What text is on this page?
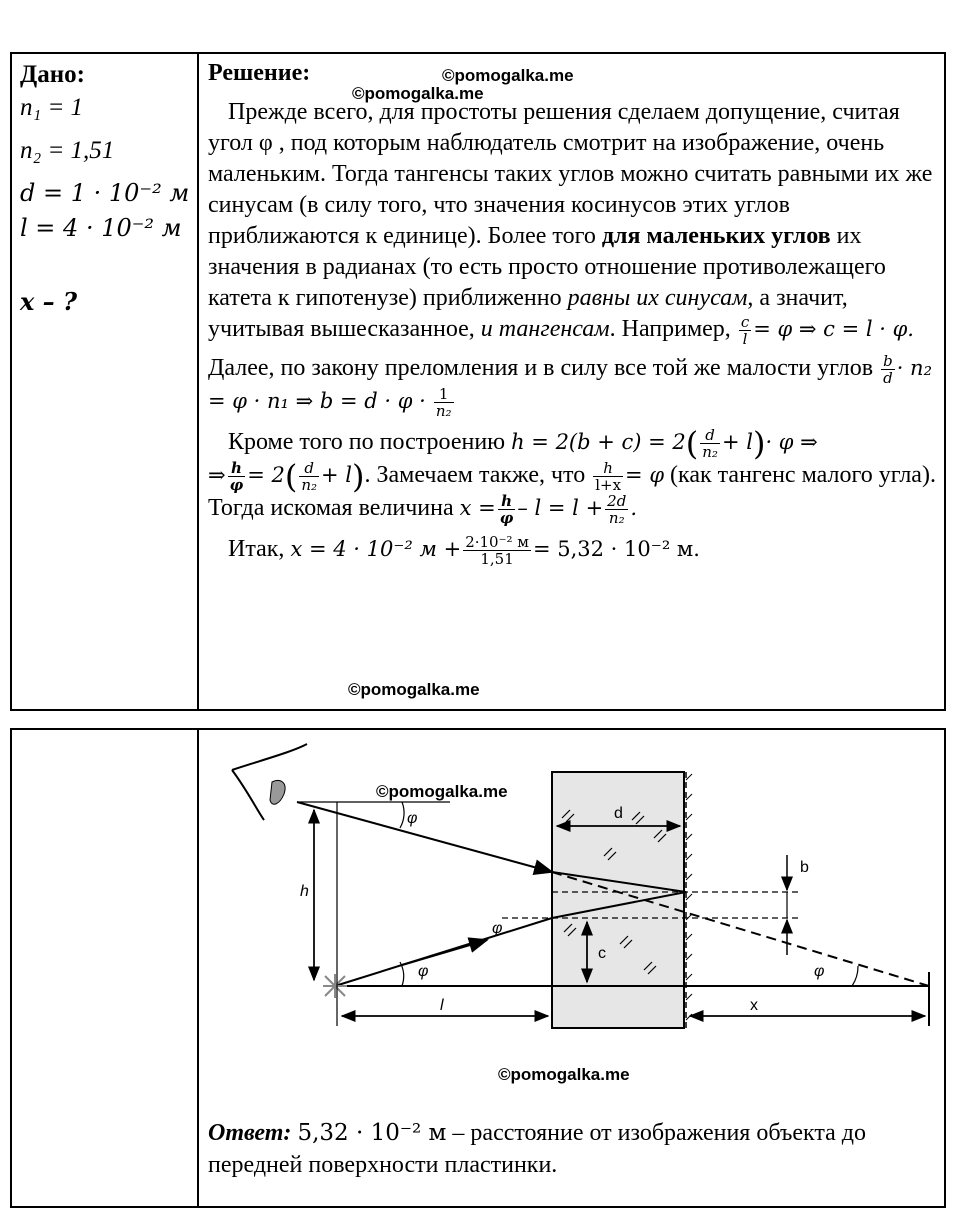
Дано:
n₁ = 1
n₂ = 1,51
d = 1 · 10⁻² м
l = 4 · 10⁻² м
x – ?
Решение:
Прежде всего, для простоты решения сделаем допущение, считая угол φ , под которым наблюдатель смотрит на изображение, очень маленьким. Тогда тангенсы таких углов можно считать равными их же синусам (в силу того, что значения косинусов этих углов приближаются к единице). Более того для маленьких углов их значения в радианах (то есть просто отношение противолежащего катета к гипотенузе) приближенно равны их синусам, а значит, учитывая вышесказанное, и тангенсам. Например, $\frac{c}{l} = \varphi$ ⇒ c = l · φ.
Далее, по закону преломления и в силу все той же малости углов $\frac{b}{d} \cdot n_2 = \varphi \cdot n_1$ ⇒ $b = d \cdot \varphi \cdot \frac{1}{\text{n₂}}$
Кроме того по построению $h = 2(b + c) = 2( \frac{d}{\text{n₂}} + l)\cdot \varphi$ ⇒
⇒ $\frac{h}{\varphi} = 2( \frac{d}{\text{n₂}} + l)$. Замечаем также, что $\frac{h}{l+x} = \varphi$ (как тангенс малого угла). Тогда искомая величина $x = \frac{h}{\varphi} - l = l + \frac{2d}{\text{n₂}}$ .
Итак, x = 4 · 10⁻² $м + \frac{\text{2·10⁻² м}}{1,51} = 5,32 \cdot 10^{-2}$ м.
©pomogalka.me
©pomogalka.me
©pomogalka.me
φ
φ
φ	φ
d
b
c
h
l	x
©pomogalka.me
©pomogalka.me
Ответ: 5,32 · 10⁻² м – расстояние от изображения объекта до передней поверхности пластинки.
